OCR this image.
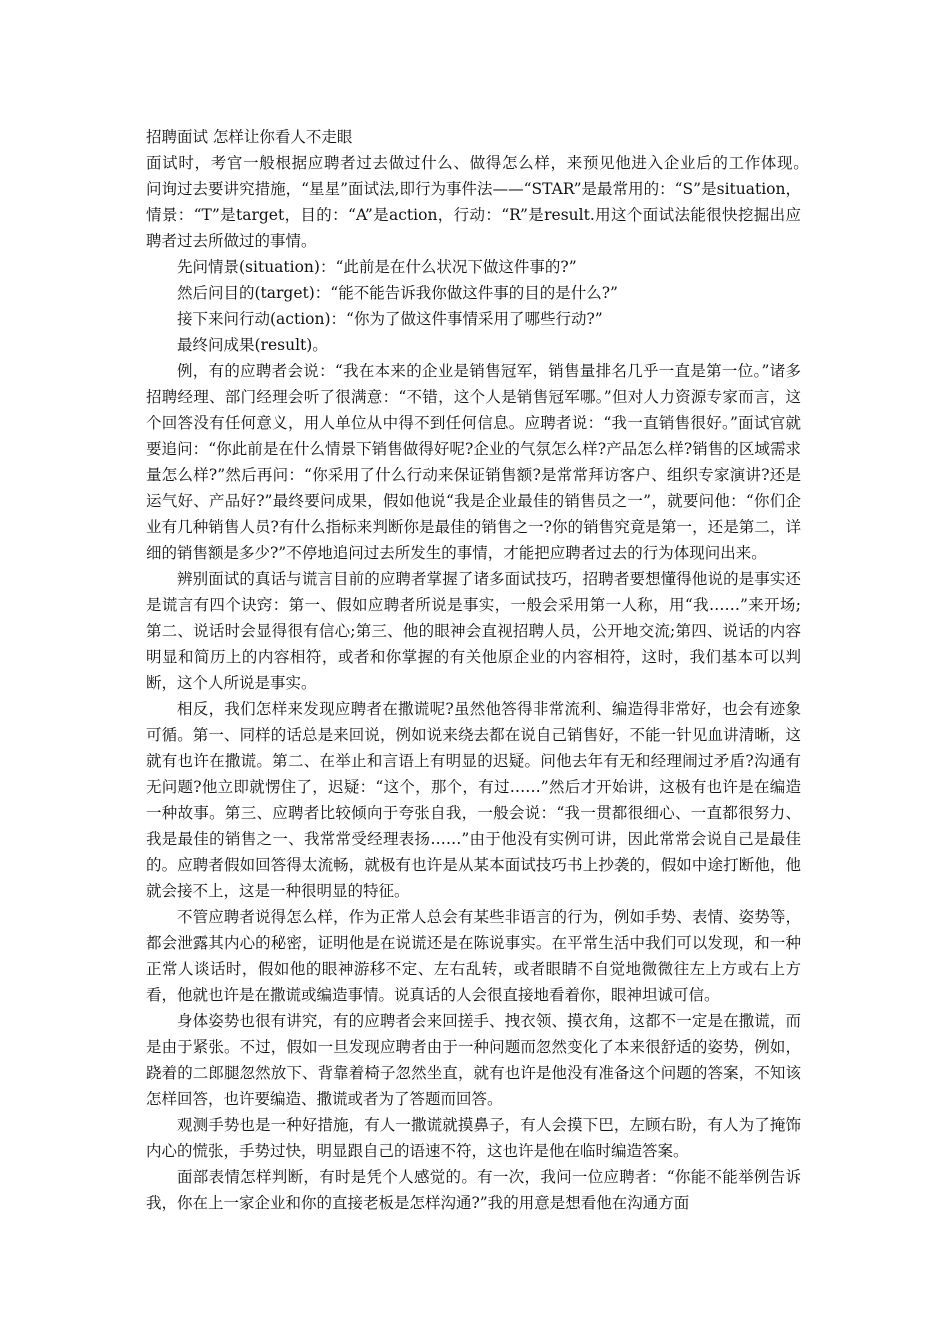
招聘面试 怎样让你看人不走眼

面试时，考官一般根据应聘者过去做过什么、做得怎么样，来预见他进入企业后的工作体现。　　问询过去要讲究措施，“星星”面试法,即行为事件法——“STAR”是最常用的：“S”是situation，情景：“T”是target，目的：“A”是action，行动：“R”是result.用这个面试法能很快挖掘出应聘者过去所做过的事情。

先问情景(situation)：“此前是在什么状况下做这件事的?”

然后问目的(target)：“能不能告诉我你做这件事的目的是什么?”

接下来问行动(action)：“你为了做这件事情采用了哪些行动?”

最终问成果(result)。

例，有的应聘者会说：“我在本来的企业是销售冠军，销售量排名几乎一直是第一位。”诸多招聘经理、部门经理会听了很满意：“不错，这个人是销售冠军哪。”但对人力资源专家而言，这个回答没有任何意义，用人单位从中得不到任何信息。应聘者说：“我一直销售很好。”面试官就要追问：“你此前是在什么情景下销售做得好呢?企业的气氛怎么样?产品怎么样?销售的区域需求量怎么样?”然后再问：“你采用了什么行动来保证销售额?是常常拜访客户、组织专家演讲?还是运气好、产品好?”最终要问成果，假如他说“我是企业最佳的销售员之一”，就要问他：“你们企业有几种销售人员?有什么指标来判断你是最佳的销售之一?你的销售究竟是第一，还是第二，详细的销售额是多少?”不停地追问过去所发生的事情，才能把应聘者过去的行为体现问出来。

辨别面试的真话与谎言目前的应聘者掌握了诸多面试技巧，招聘者要想懂得他说的是事实还是谎言有四个诀窍：第一、假如应聘者所说是事实，一般会采用第一人称，用“我……”来开场;第二、说话时会显得很有信心;第三、他的眼神会直视招聘人员，公开地交流;第四、说话的内容明显和简历上的内容相符，或者和你掌握的有关他原企业的内容相符，这时，我们基本可以判断，这个人所说是事实。

相反，我们怎样来发现应聘者在撒谎呢?虽然他答得非常流利、编造得非常好，也会有迹象可循。第一、同样的话总是来回说，例如说来绕去都在说自己销售好，不能一针见血讲清晰，这就有也许在撒谎。第二、在举止和言语上有明显的迟疑。问他去年有无和经理闹过矛盾?沟通有无问题?他立即就愣住了，迟疑：“这个，那个，有过……”然后才开始讲，这极有也许是在编造一种故事。第三、应聘者比较倾向于夸张自我，一般会说：“我一贯都很细心、一直都很努力、我是最佳的销售之一、我常常受经理表扬……”由于他没有实例可讲，因此常常会说自己是最佳的。应聘者假如回答得太流畅，就极有也许是从某本面试技巧书上抄袭的，假如中途打断他，他就会接不上，这是一种很明显的特征。

不管应聘者说得怎么样，作为正常人总会有某些非语言的行为，例如手势、表情、姿势等，都会泄露其内心的秘密，证明他是在说谎还是在陈说事实。在平常生活中我们可以发现，和一种正常人谈话时，假如他的眼神游移不定、左右乱转，或者眼睛不自觉地微微往左上方或右上方看，他就也许是在撒谎或编造事情。说真话的人会很直接地看着你，眼神坦诚可信。

身体姿势也很有讲究，有的应聘者会来回搓手、拽衣领、摸衣角，这都不一定是在撒谎，而是由于紧张。不过，假如一旦发现应聘者由于一种问题而忽然变化了本来很舒适的姿势，例如，跷着的二郎腿忽然放下、背靠着椅子忽然坐直，就有也许是他没有准备这个问题的答案，不知该怎样回答，也许要编造、撒谎或者为了答题而回答。

观测手势也是一种好措施，有人一撒谎就摸鼻子，有人会摸下巴，左顾右盼，有人为了掩饰内心的慌张，手势过快，明显跟自己的语速不符，这也许是他在临时编造答案。

面部表情怎样判断，有时是凭个人感觉的。有一次，我问一位应聘者：“你能不能举例告诉我，你在上一家企业和你的直接老板是怎样沟通?”我的用意是想看他在沟通方面
